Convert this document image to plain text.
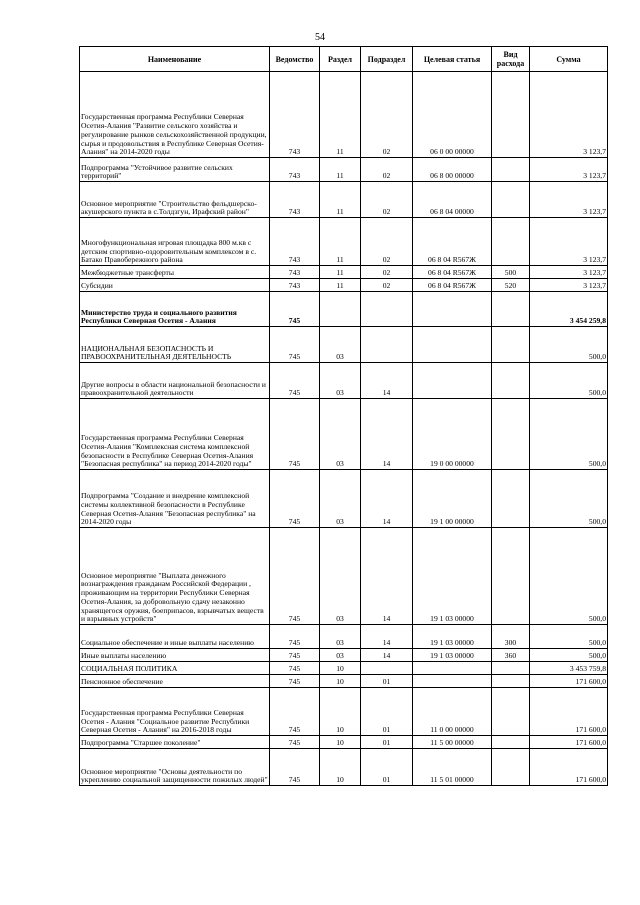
54
Наименование	Ведомство	Раздел	Подраздел	Целевая статья	Вид расхода	Сумма
Государственная программа Республики Северная Осетия-Алания "Развитие сельского хозяйства и регулирование рынков сельскохозяйственной продукции, сырья и продовольствия в Республике Северная Осетия-Алания" на 2014-2020 годы	743	11	02	06 0 00 00000		3 123,7
Подпрограмма "Устойчивое развитие сельских территорий"	743	11	02	06 8 00 00000		3 123,7
Основное мероприятие "Строительство фельдшерско-акушерского пункта в с.Толдзгун, Ирафский район"	743	11	02	06 8 04 00000		3 123,7
Многофункциональная игровая площадка 800 м.кв с детским спортивно-оздоровительным комплексом в с. Батако Правобережного района	743	11	02	06 8 04 R567Ж		3 123,7
Межбюджетные трансферты	743	11	02	06 8 04 R567Ж	500	3 123,7
Субсидии	743	11	02	06 8 04 R567Ж	520	3 123,7
Министерство труда и социального развития Республики Северная Осетия - Алания	745					3 454 259,8
НАЦИОНАЛЬНАЯ БЕЗОПАСНОСТЬ И ПРАВООХРАНИТЕЛЬНАЯ ДЕЯТЕЛЬНОСТЬ	745	03				500,0
Другие вопросы в области национальной безопасности и правоохранительной деятельности	745	03	14			500,0
Государственная программа Республики Северная Осетия-Алания "Комплексная система комплексной безопасности в Республике Северная Осетия-Алания "Безопасная республика" на период 2014-2020 годы"	745	03	14	19 0 00 00000		500,0
Подпрограмма "Создание и внедрение комплексной системы коллективной безопасности в Республике Северная Осетия-Алания "Безопасная республика" на 2014-2020 годы	745	03	14	19 1 00 00000		500,0
Основное мероприятие "Выплата денежного вознаграждения гражданам Российской Федерации , проживающим на территории Республики Северная Осетия-Алания, за добровольную сдачу незаконно хранящегося оружия, боеприпасов, взрывчатых веществ и взрывных устройств"	745	03	14	19 1 03 00000		500,0
Социальное обеспечение и иные выплаты населению	745	03	14	19 1 03 00000	300	500,0
Иные выплаты населению	745	03	14	19 1 03 00000	360	500,0
СОЦИАЛЬНАЯ ПОЛИТИКА	745	10				3 453 759,8
Пенсионное обеспечение	745	10	01			171 600,0
Государственная программа Республики Северная Осетия - Алания "Социальное развитие Республики Северная Осетия - Алания" на 2016-2018 годы	745	10	01	11 0 00 00000		171 600,0
Подпрограмма "Старшее поколение"	745	10	01	11 5 00 00000		171 600,0
Основное мероприятие "Основы деятельности по укреплению социальной защищенности пожилых людей"	745	10	01	11 5 01 00000		171 600,0
